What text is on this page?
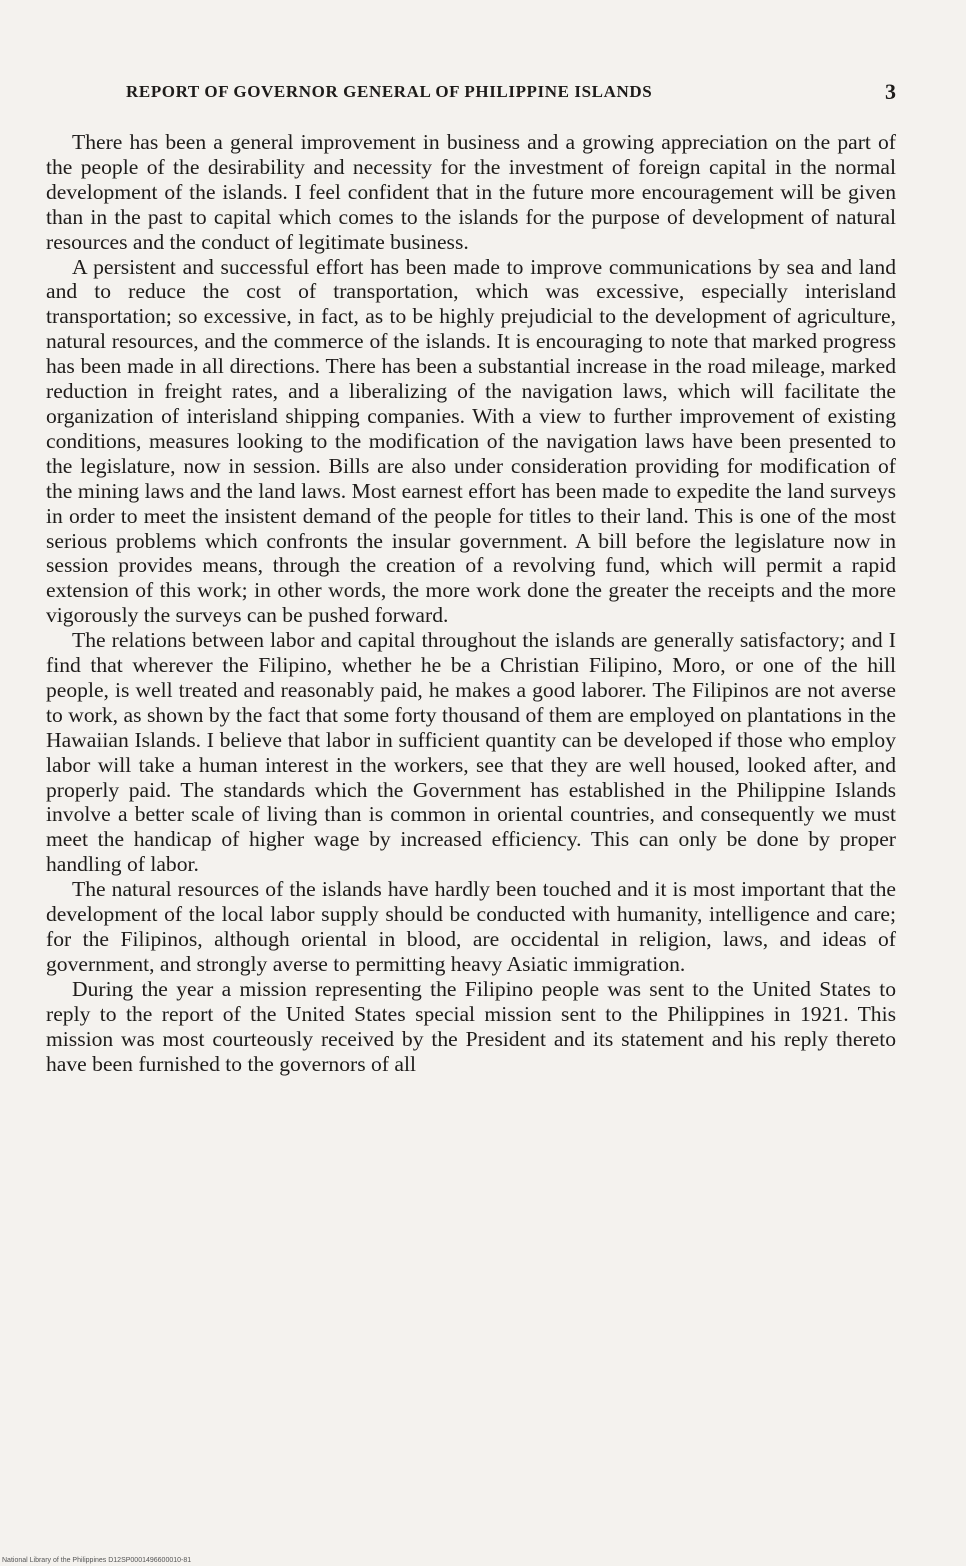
REPORT OF GOVERNOR GENERAL OF PHILIPPINE ISLANDS	3

There has been a general improvement in business and a growing appreciation on the part of the people of the desirability and necessity for the investment of foreign capital in the normal development of the islands. I feel confident that in the future more encouragement will be given than in the past to capital which comes to the islands for the purpose of development of natural resources and the conduct of legitimate business.

A persistent and successful effort has been made to improve communications by sea and land and to reduce the cost of transportation, which was excessive, especially interisland transportation; so excessive, in fact, as to be highly prejudicial to the development of agriculture, natural resources, and the commerce of the islands. It is encouraging to note that marked progress has been made in all directions. There has been a substantial increase in the road mileage, marked reduction in freight rates, and a liberalizing of the navigation laws, which will facilitate the organization of interisland shipping companies. With a view to further improvement of existing conditions, measures looking to the modification of the navigation laws have been presented to the legislature, now in session. Bills are also under consideration providing for modification of the mining laws and the land laws. Most earnest effort has been made to expedite the land surveys in order to meet the insistent demand of the people for titles to their land. This is one of the most serious problems which confronts the insular government. A bill before the legislature now in session provides means, through the creation of a revolving fund, which will permit a rapid extension of this work; in other words, the more work done the greater the receipts and the more vigorously the surveys can be pushed forward.

The relations between labor and capital throughout the islands are generally satisfactory; and I find that wherever the Filipino, whether he be a Christian Filipino, Moro, or one of the hill people, is well treated and reasonably paid, he makes a good laborer. The Filipinos are not averse to work, as shown by the fact that some forty thousand of them are employed on plantations in the Hawaiian Islands. I believe that labor in sufficient quantity can be developed if those who employ labor will take a human interest in the workers, see that they are well housed, looked after, and properly paid. The standards which the Government has established in the Philippine Islands involve a better scale of living than is common in oriental countries, and consequently we must meet the handicap of higher wage by increased efficiency. This can only be done by proper handling of labor.

The natural resources of the islands have hardly been touched and it is most important that the development of the local labor supply should be conducted with humanity, intelligence and care; for the Filipinos, although oriental in blood, are occidental in religion, laws, and ideas of government, and strongly averse to permitting heavy Asiatic immigration.

During the year a mission representing the Filipino people was sent to the United States to reply to the report of the United States special mission sent to the Philippines in 1921. This mission was most courteously received by the President and its statement and his reply thereto have been furnished to the governors of all

National Library of the Philippines D12SP0001496600010-81
